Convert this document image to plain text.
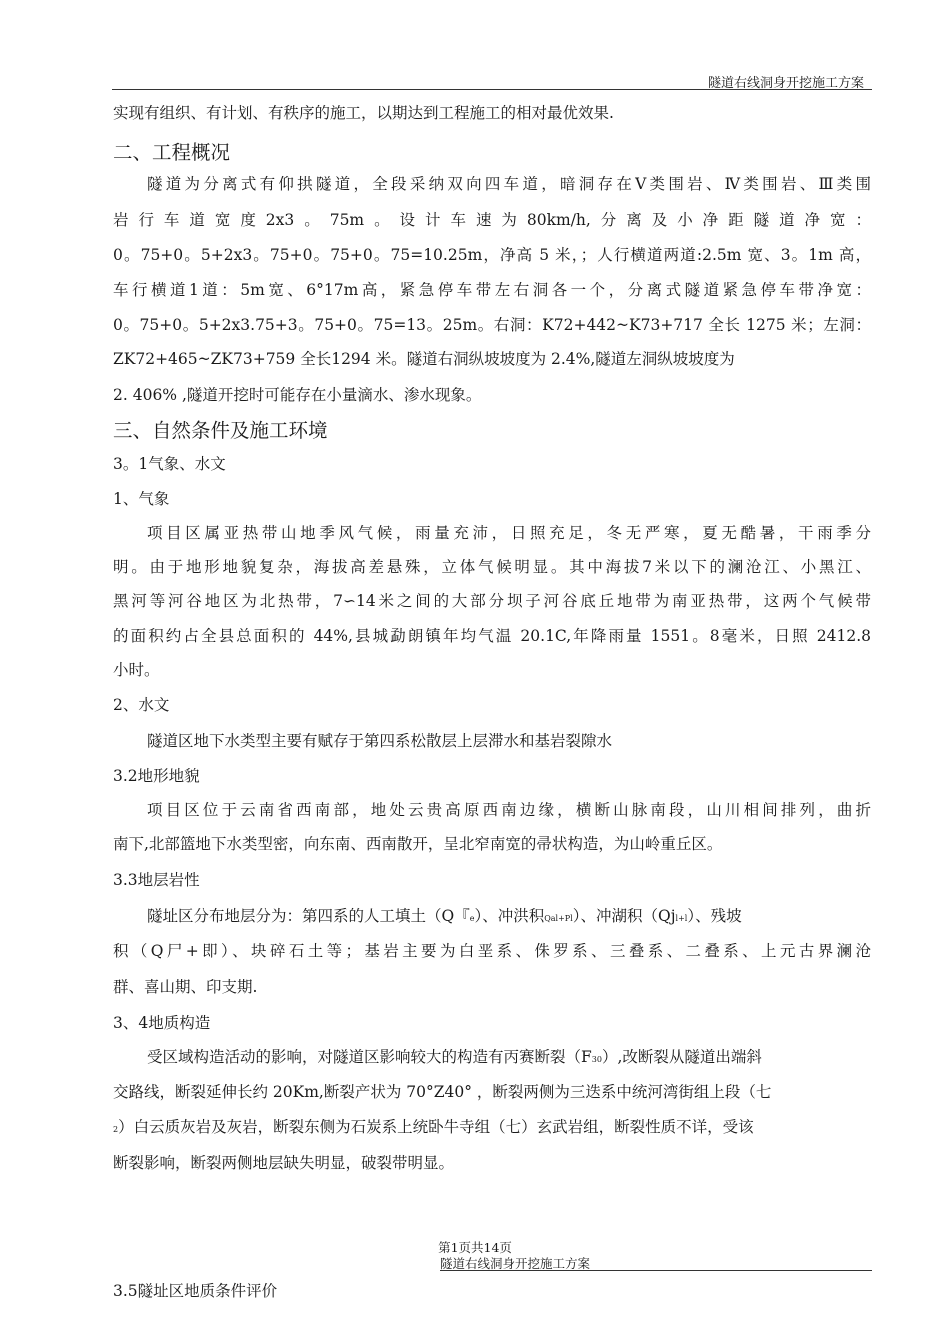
隧道右线洞身开挖施工方案
实现有组织、有计划、有秩序的施工，以期达到工程施工的相对最优效果.
二、工程概况
隧道为分离式有仰拱隧道，全段采纳双向四车道，暗洞存在Ⅴ类围岩、Ⅳ类围岩、Ⅲ类围
岩行车道宽度2x3。75m。设计车速为80km/h,分离及小净距隧道净宽：
0。75+0。5+2x3。75+0。75+0。75=10.25m，净高 5 米，；人行横道两道:2.5m 宽、3。1m 高，
车行横道1道：5m宽、6°17m高，紧急停车带左右洞各一个，分离式隧道紧急停车带净宽：
0。75+0。5+2x3.75+3。75+0。75=13。25m。右洞：K72+442~K73+717 全长 1275 米；左洞：
ZK72+465~ZK73+759 全长1294 米。隧道右洞纵坡坡度为 2.4%,隧道左洞纵坡坡度为
2. 406% ,隧道开挖时可能存在小量滴水、渗水现象。
三、自然条件及施工环境
3。1气象、水文
1、气象
项目区属亚热带山地季风气候，雨量充沛，日照充足，冬无严寒，夏无酷暑，干雨季分
明。由于地形地貌复杂，海拔高差悬殊，立体气候明显。其中海拔7米以下的澜沧江、小黑江、
黑河等河谷地区为北热带，7∽14米之间的大部分坝子河谷底丘地带为南亚热带，这两个气候带
的面积约占全县总面积的 44%,县城勐朗镇年均气温 20.1C,年降雨量 1551。8毫米，日照 2412.8
小时。
2、水文
隧道区地下水类型主要有赋存于第四系松散层上层滞水和基岩裂隙水
3.2地形地貌
项目区位于云南省西南部，地处云贵高原西南边缘，横断山脉南段，山川相间排列，曲折
南下,北部篮地下水类型密，向东南、西南散开，呈北窄南宽的帚状构造，为山岭重丘区。
3.3地层岩性
隧址区分布地层分为：第四系的人工填土（Q『e）、冲洪积Qal+Pl）、冲湖积（Qjl+l）、残坡
积（Q尸+即）、块碎石土等；基岩主要为白垩系、侏罗系、三叠系、二叠系、上元古界澜沧
群、喜山期、印支期.
3、4地质构造
受区域构造活动的影响，对隧道区影响较大的构造有丙赛断裂（F30）,改断裂从隧道出端斜
交路线，断裂延伸长约 20Km,断裂产状为 70°Z40° ，断裂两侧为三迭系中统河湾街组上段（七
2）白云质灰岩及灰岩，断裂东侧为石炭系上统卧牛寺组（七）玄武岩组，断裂性质不详，受该
断裂影响，断裂两侧地层缺失明显，破裂带明显。
第1页共14页
隧道右线洞身开挖施工方案
3.5隧址区地质条件评价
